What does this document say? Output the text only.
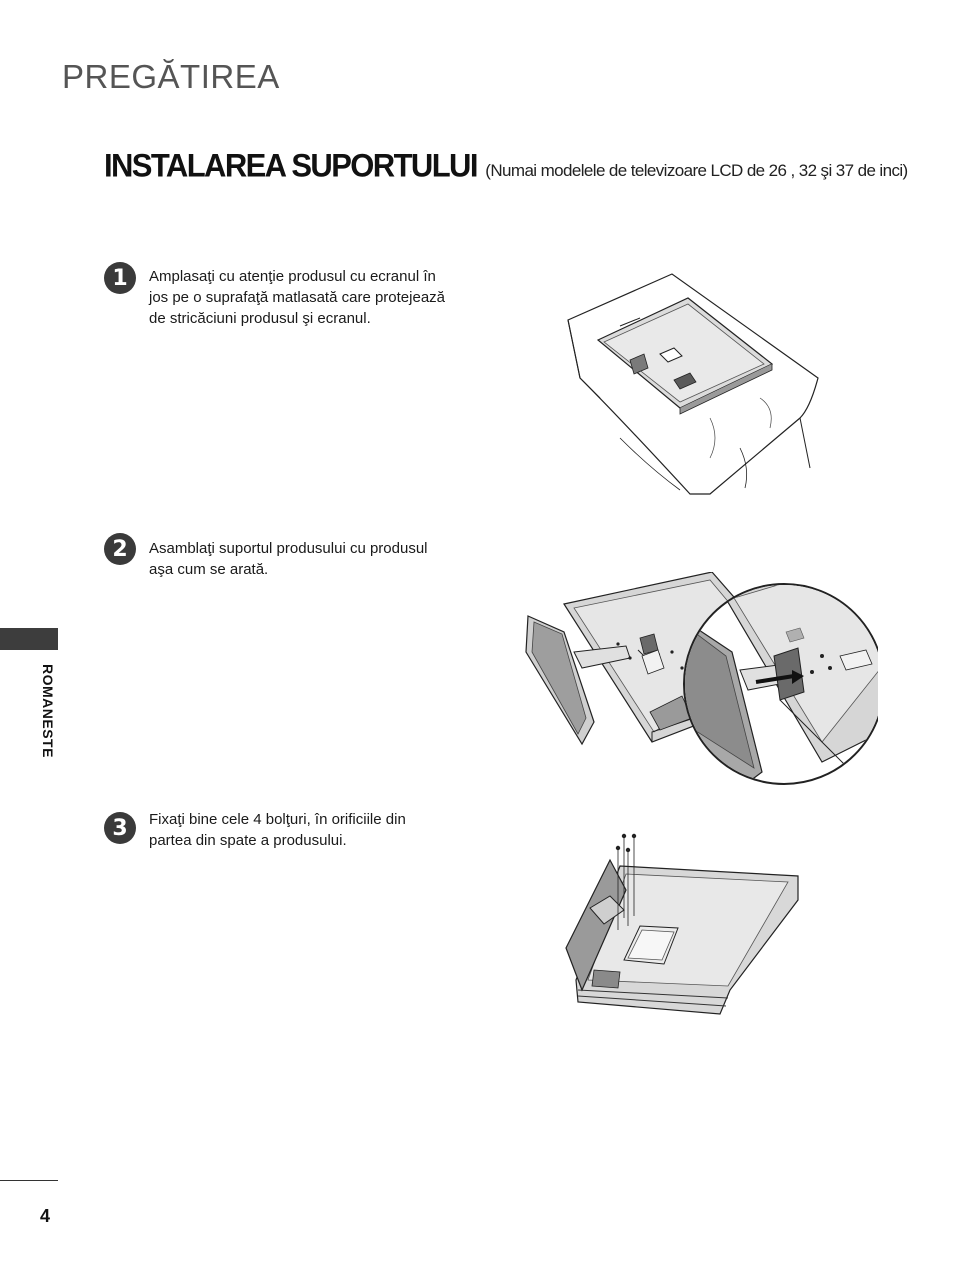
PREGĂTIREA
INSTALAREA SUPORTULUI (Numai modelele de televizoare LCD de 26 , 32 şi 37 de inci)
1	Amplasaţi cu atenţie produsul cu ecranul în
jos pe o suprafaţă matlasată care protejează
de stricăciuni produsul şi ecranul.
2	Asamblaţi suportul produsului cu produsul
aşa cum se arată.
3	Fixaţi bine cele 4 bolţuri, în orificiile din
partea din spate a produsului.
ROMANESTE
4
